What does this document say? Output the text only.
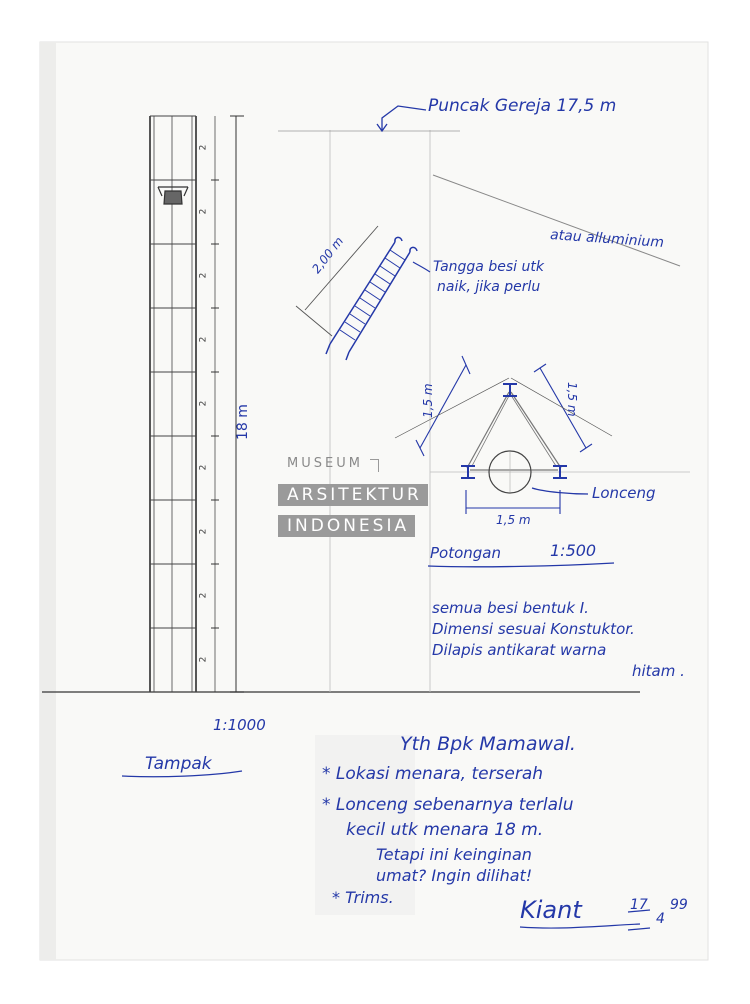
2
2
2
2
2
2
2
2
2
18 m
1:1000
Tampak
Puncak Gereja 17,5 m
atau alluminium
2,00 m	Tangga besi utk
naik, jika perlu
1,5 m	1,5 m
1,5 m
Lonceng
Potongan	1:500
semua besi bentuk I.
Dimensi sesuai Konstuktor.
Dilapis antikarat warna
hitam .
Yth Bpk Mamawal.
* Lokasi menara, terserah
* Lonceng sebenarnya terlalu
kecil utk menara 18 m.
Tetapi ini keinginan
umat? Ingin dilihat!
* Trims.	Kiant	17
4
99
MUSEUM
ARSITEKTUR
INDONESIA
